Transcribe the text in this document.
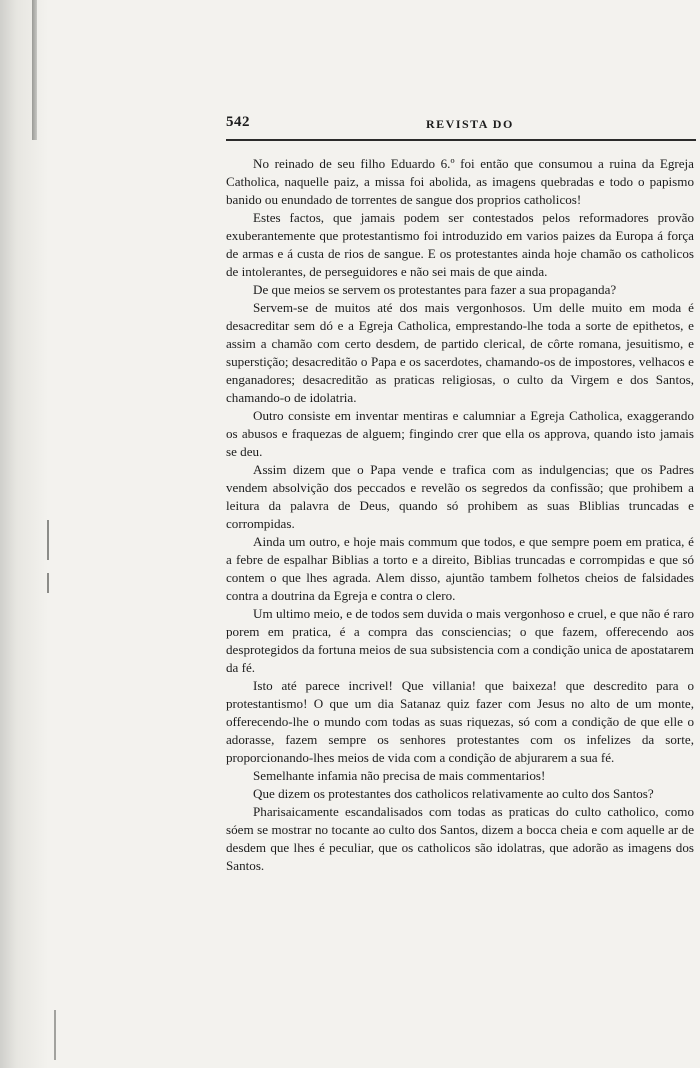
542	REVISTA DO

No reinado de seu filho Eduardo 6.º foi então que consumou a ruina da Egreja Catholica, naquelle paiz, a missa foi abolida, as imagens quebradas e todo o papismo banido ou enundado de torrentes de sangue dos proprios catholicos!

Estes factos, que jamais podem ser contestados pelos reformadores provão exuberantemente que protestantismo foi introduzido em varios paizes da Europa á força de armas e á custa de rios de sangue. E os protestantes ainda hoje chamão os catholicos de intolerantes, de perseguidores e não sei mais de que ainda.

De que meios se servem os protestantes para fazer a sua propaganda?

Servem-se de muitos até dos mais vergonhosos. Um delle muito em moda é desacreditar sem dó e a Egreja Catholica, emprestando-lhe toda a sorte de epithetos, e assim a chamão com certo desdem, de partido clerical, de côrte romana, jesuitismo, e superstição; desacreditão o Papa e os sacerdotes, chamando-os de impostores, velhacos e enganadores; desacreditão as praticas religiosas, o culto da Virgem e dos Santos, chamando-o de idolatria.

Outro consiste em inventar mentiras e calumniar a Egreja Catholica, exaggerando os abusos e fraquezas de alguem; fingindo crer que ella os approva, quando isto jamais se deu.

Assim dizem que o Papa vende e trafica com as indulgencias; que os Padres vendem absolvição dos peccados e revelão os segredos da confissão; que prohibem a leitura da palavra de Deus, quando só prohibem as suas Bliblias truncadas e corrompidas.

Ainda um outro, e hoje mais commum que todos, e que sempre poem em pratica, é a febre de espalhar Biblias a torto e a direito, Biblias truncadas e corrompidas e que só contem o que lhes agrada. Alem disso, ajuntão tambem folhetos cheios de falsidades contra a doutrina da Egreja e contra o clero.

Um ultimo meio, e de todos sem duvida o mais vergonhoso e cruel, e que não é raro porem em pratica, é a compra das consciencias; o que fazem, offerecendo aos desprotegidos da fortuna meios de sua subsistencia com a condição unica de apostatarem da fé.

Isto até parece incrivel! Que villania! que baixeza! que descredito para o protestantismo! O que um dia Satanaz quiz fazer com Jesus no alto de um monte, offerecendo-lhe o mundo com todas as suas riquezas, só com a condição de que elle o adorasse, fazem sempre os senhores protestantes com os infelizes da sorte, proporcionando-lhes meios de vida com a condição de abjurarem a sua fé.

Semelhante infamia não precisa de mais commentarios!

Que dizem os protestantes dos catholicos relativamente ao culto dos Santos?

Pharisaicamente escandalisados com todas as praticas do culto catholico, como sóem se mostrar no tocante ao culto dos Santos, dizem a bocca cheia e com aquelle ar de desdem que lhes é peculiar, que os catholicos são idolatras, que adorão as imagens dos Santos.
